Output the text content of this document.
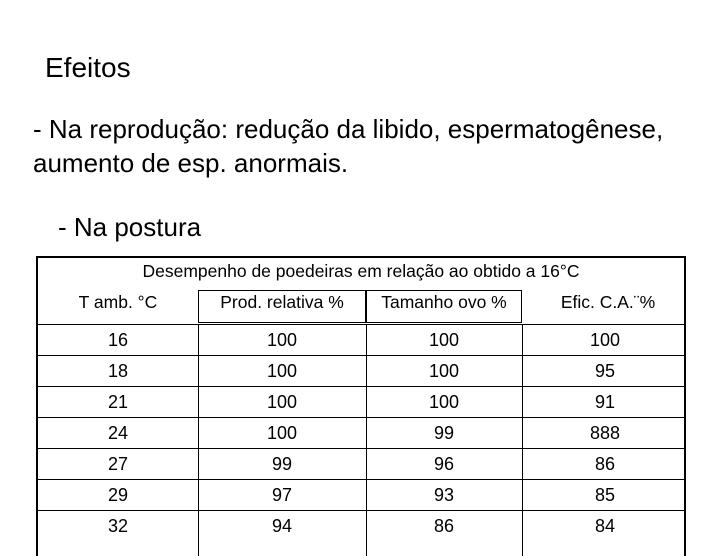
Efeitos
- Na reprodução: redução da libido, espermatogênese, aumento de esp. anormais.
- Na postura
Desempenho de poedeiras em relação ao obtido a 16°C
T amb. °C	Prod. relativa %	Tamanho ovo %	Efic. C.A.¨%
16	100	100	100
18	100	100	95
21	100	100	91
24	100	99	888
27	99	96	86
29	97	93	85
32	94	86	84
